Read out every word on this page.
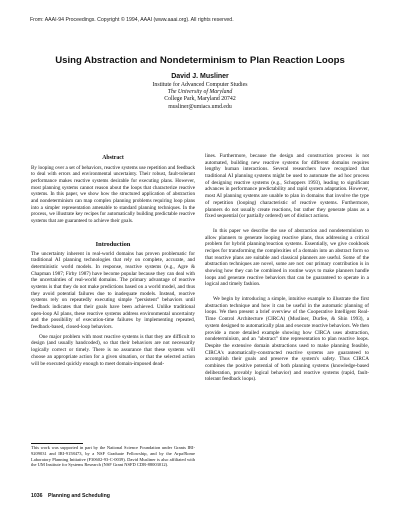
From: AAAI-94 Proceedings. Copyright © 1994, AAAI (www.aaai.org). All rights reserved.
Using Abstraction and Nondeterminism to Plan Reaction Loops
David J. Musliner
Institute for Advanced Computer Studies
The University of Maryland
College Park, Maryland 20742
musliner@umiacs.umd.edu
Abstract

By looping over a set of behaviors, reactive systems use repetition and feedback to deal with errors and environmental uncertainty. Their robust, fault-tolerant performance makes reactive systems desirable for executing plans. However, most planning systems cannot reason about the loops that characterize reactive systems. In this paper, we show how the structured application of abstraction and nondeterminism can map complex planning problems requiring loop plans into a simpler representation amenable to standard planning techniques. In the process, we illustrate key recipes for automatically building predictable reactive systems that are guaranteed to achieve their goals.

Introduction

The uncertainty inherent in real-world domains has proven problematic for traditional AI planning technologies that rely on complete, accurate, and deterministic world models. In response, reactive systems (e.g., Agre & Chapman 1987; Firby 1987) have become popular because they can deal with the uncertainties of real-world domains. The primary advantage of reactive systems is that they do not make predictions based on a world model, and thus they avoid potential failures due to inadequate models. Instead, reactive systems rely on repeatedly executing simple "persistent" behaviors until feedback indicates that their goals have been achieved. Unlike traditional open-loop AI plans, these reactive systems address environmental uncertainty and the possibility of execution-time failures by implementing repeated, feedback-based, closed-loop behaviors.

One major problem with most reactive systems is that they are difficult to design (and usually handcoded), so that their behaviors are not necessarily logically correct or timely. There is no assurance that these systems will choose an appropriate action for a given situation, or that the selected action will be executed quickly enough to meet domain-imposed dead-

lines. Furthermore, because the design and construction process is not automated, building new reactive systems for different domains requires lengthy human interactions. Several researchers have recognized that traditional AI planning systems might be used to automate the ad hoc process of designing reactive systems (e.g., Schoppers 1993), leading to significant advances in performance predictability and rapid system adaptation. However, most AI planning systems are unable to plan in domains that involve the type of repetition (looping) characteristic of reactive systems. Furthermore, planners do not usually create reactions, but rather they generate plans as a fixed sequential (or partially ordered) set of distinct actions.

In this paper we describe the use of abstraction and nondeterminism to allow planners to generate looping reactive plans, thus addressing a critical problem for hybrid planning/reaction systems. Essentially, we give cookbook recipes for transforming the complexities of a domain into an abstract form so that reactive plans are suitable and classical planners are useful. Some of the abstraction techniques are novel, some are not: our primary contribution is in showing how they can be combined in routine ways to make planners handle loops and generate reactive behaviors that can be guaranteed to operate in a logical and timely fashion.

We begin by introducing a simple, intuitive example to illustrate the first abstraction technique and how it can be useful in the automatic planning of loops. We then present a brief overview of the Cooperative Intelligent Real-Time Control Architecture (CIRCA) (Musliner, Durfee, & Shin 1993), a system designed to automatically plan and execute reactive behaviors. We then provide a more detailed example showing how CIRCA uses abstraction, nondeterminism, and an "abstract" time representation to plan reactive loops. Despite the extensive domain abstractions used to make planning feasible, CIRCA's automatically-constructed reactive systems are guaranteed to accomplish their goals and preserve the system's safety. Thus CIRCA combines the positive potential of both planning systems (knowledge-based deliberation, provably logical behavior) and reactive systems (rapid, fault-tolerant feedback loops).

This work was supported in part by the National Science Foundation under Grants IRI-9209031 and IRI-9158473, by a NSF Graduate Fellowship, and by the Arpa/Rome Laboratory Planning Initiative (F30602-93-C-0039). David Musliner is also affiliated with the UM Institute for Systems Research (NSF Grant NSFD CDR-88003012).
1036 Planning and Scheduling
